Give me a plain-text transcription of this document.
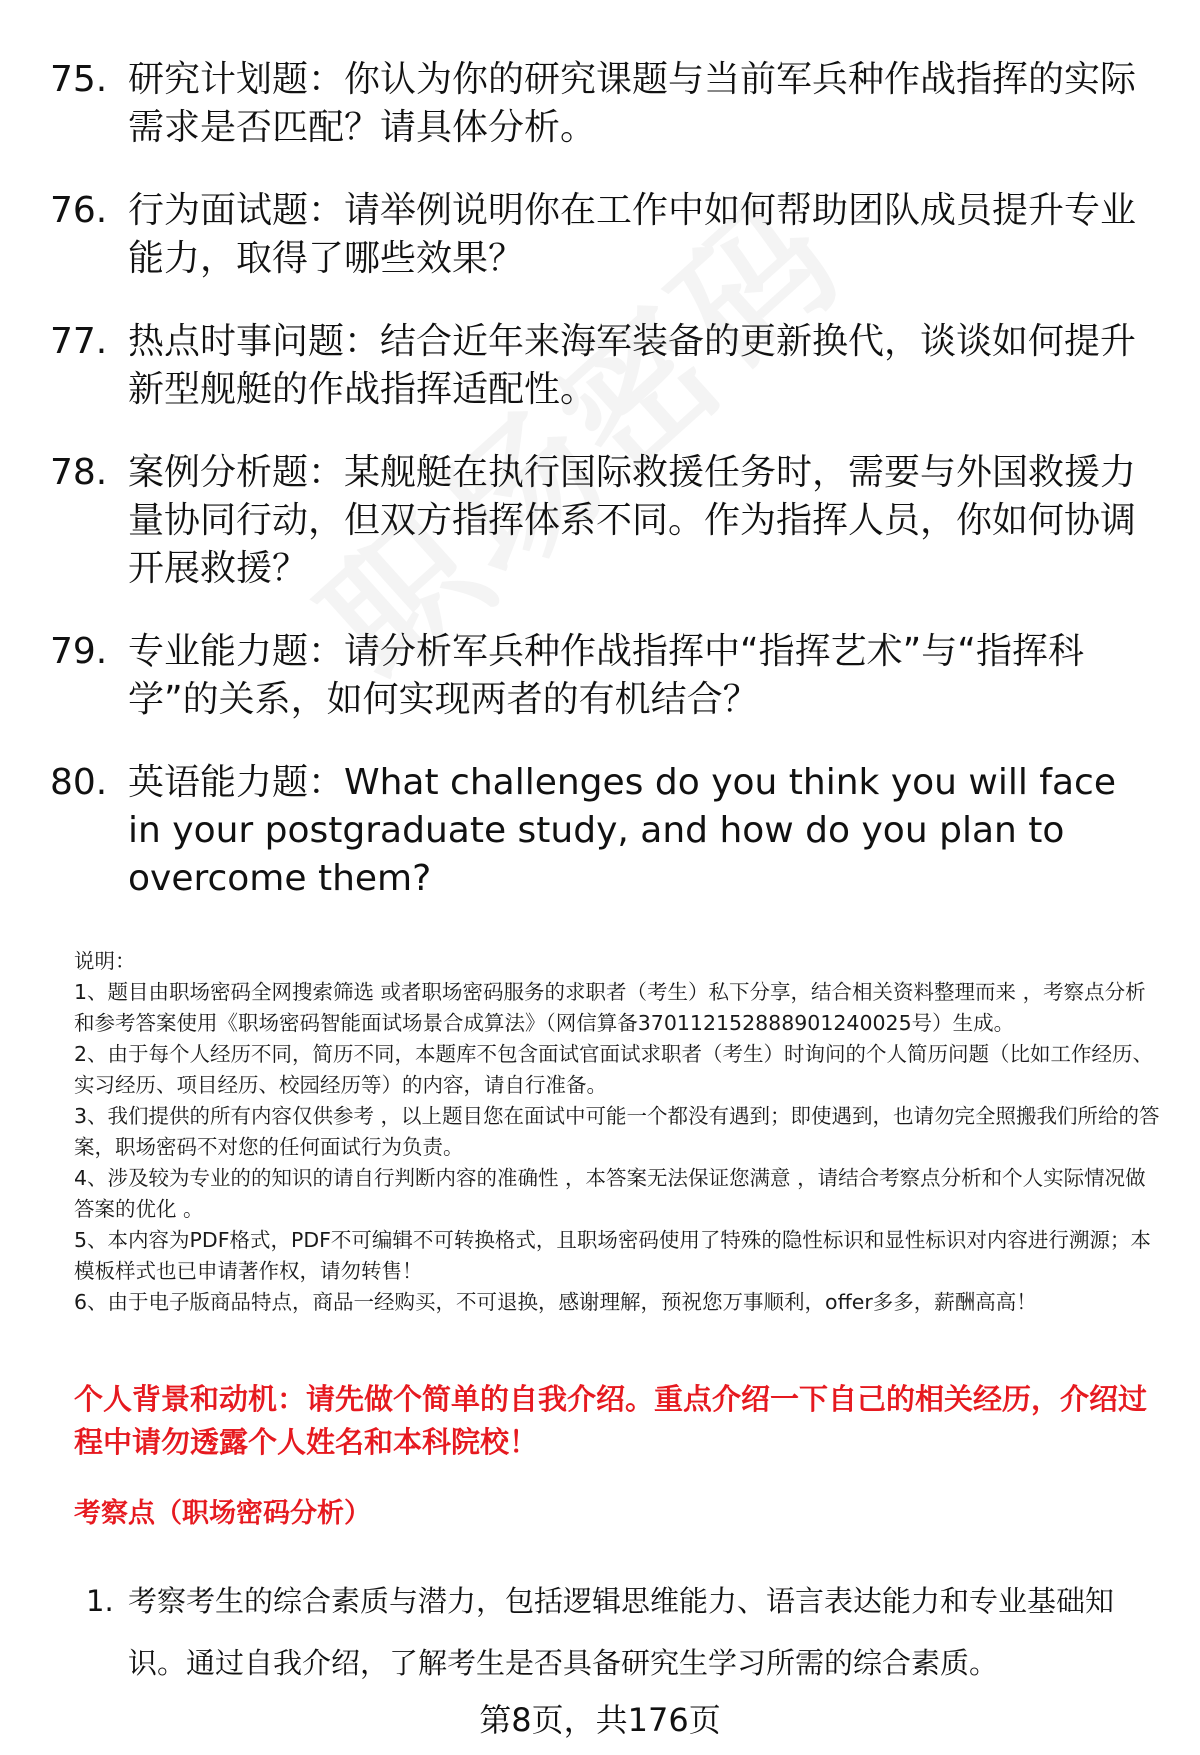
75. 研究计划题：你认为你的研究课题与当前军兵种作战指挥的实际需求是否匹配？请具体分析。
76. 行为面试题：请举例说明你在工作中如何帮助团队成员提升专业能力，取得了哪些效果？
77. 热点时事问题：结合近年来海军装备的更新换代，谈谈如何提升新型舰艇的作战指挥适配性。
78. 案例分析题：某舰艇在执行国际救援任务时，需要与外国救援力量协同行动，但双方指挥体系不同。作为指挥人员，你如何协调开展救援？
79. 专业能力题：请分析军兵种作战指挥中“指挥艺术”与“指挥科学”的关系，如何实现两者的有机结合？
80. 英语能力题：What challenges do you think you will face in your postgraduate study, and how do you plan to overcome them?

说明：

1、题目由职场密码全网搜索筛选 或者职场密码服务的求职者（考生）私下分享，结合相关资料整理而来 ，考察点分析和参考答案使用《职场密码智能面试场景合成算法》（网信算备370112152888901240025号）生成。

2、由于每个人经历不同，简历不同，本题库不包含面试官面试求职者（考生）时询问的个人简历问题（比如工作经历、实习经历、项目经历、校园经历等）的内容，请自行准备。

3、我们提供的所有内容仅供参考 ，以上题目您在面试中可能一个都没有遇到；即使遇到，也请勿完全照搬我们所给的答案，职场密码不对您的任何面试行为负责。

4、涉及较为专业的的知识的请自行判断内容的准确性 ，本答案无法保证您满意 ，请结合考察点分析和个人实际情况做答案的优化 。

5、本内容为PDF格式，PDF不可编辑不可转换格式，且职场密码使用了特殊的隐性标识和显性标识对内容进行溯源；本模板样式也已申请著作权，请勿转售！

6、由于电子版商品特点，商品一经购买，不可退换，感谢理解，预祝您万事顺利，offer多多，薪酬高高！

个人背景和动机：请先做个简单的自我介绍。重点介绍一下自己的相关经历，介绍过程中请勿透露个人姓名和本科院校！
考察点（职场密码分析）
1. 考察考生的综合素质与潜力，包括逻辑思维能力、语言表达能力和专业基础知识。通过自我介绍，了解考生是否具备研究生学习所需的综合素质。
第8页，共176页
